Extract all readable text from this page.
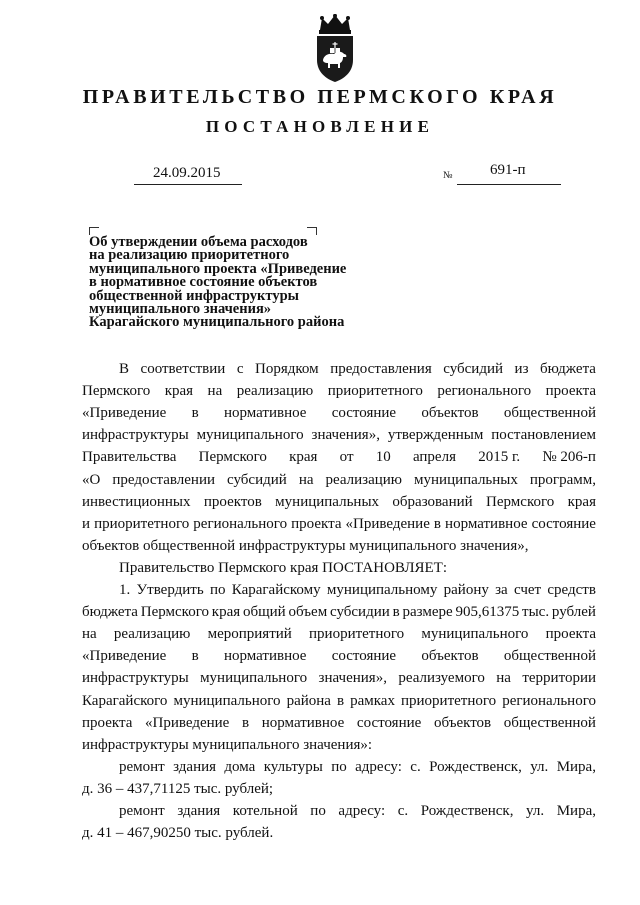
ПРАВИТЕЛЬСТВО ПЕРМСКОГО КРАЯ
ПОСТАНОВЛЕНИЕ
24.09.2015	№ 691-п
Об утверждении объема расходов
на реализацию приоритетного
муниципального проекта «Приведение
в нормативное состояние объектов
общественной инфраструктуры
муниципального значения»
Карагайского муниципального района
В соответствии с Порядком предоставления субсидий из бюджета
Пермского края на реализацию приоритетного регионального проекта
«Приведение в нормативное состояние объектов общественной
инфраструктуры муниципального значения», утвержденным постановлением
Правительства Пермского края от 10 апреля 2015 г. № 206-п
«О предоставлении субсидий на реализацию муниципальных программ,
инвестиционных проектов муниципальных образований Пермского края
и приоритетного регионального проекта «Приведение в нормативное состояние
объектов общественной инфраструктуры муниципального значения»,
Правительство Пермского края ПОСТАНОВЛЯЕТ:
1. Утвердить по Карагайскому муниципальному району за счет средств
бюджета Пермского края общий объем субсидии в размере 905,61375 тыс. рублей
на реализацию мероприятий приоритетного муниципального проекта
«Приведение в нормативное состояние объектов общественной
инфраструктуры муниципального значения», реализуемого на территории
Карагайского муниципального района в рамках приоритетного регионального
проекта «Приведение в нормативное состояние объектов общественной
инфраструктуры муниципального значения»:
ремонт здания дома культуры по адресу: с. Рождественск, ул. Мира,
д. 36 – 437,71125 тыс. рублей;
ремонт здания котельной по адресу: с. Рождественск, ул. Мира,
д. 41 – 467,90250 тыс. рублей.
